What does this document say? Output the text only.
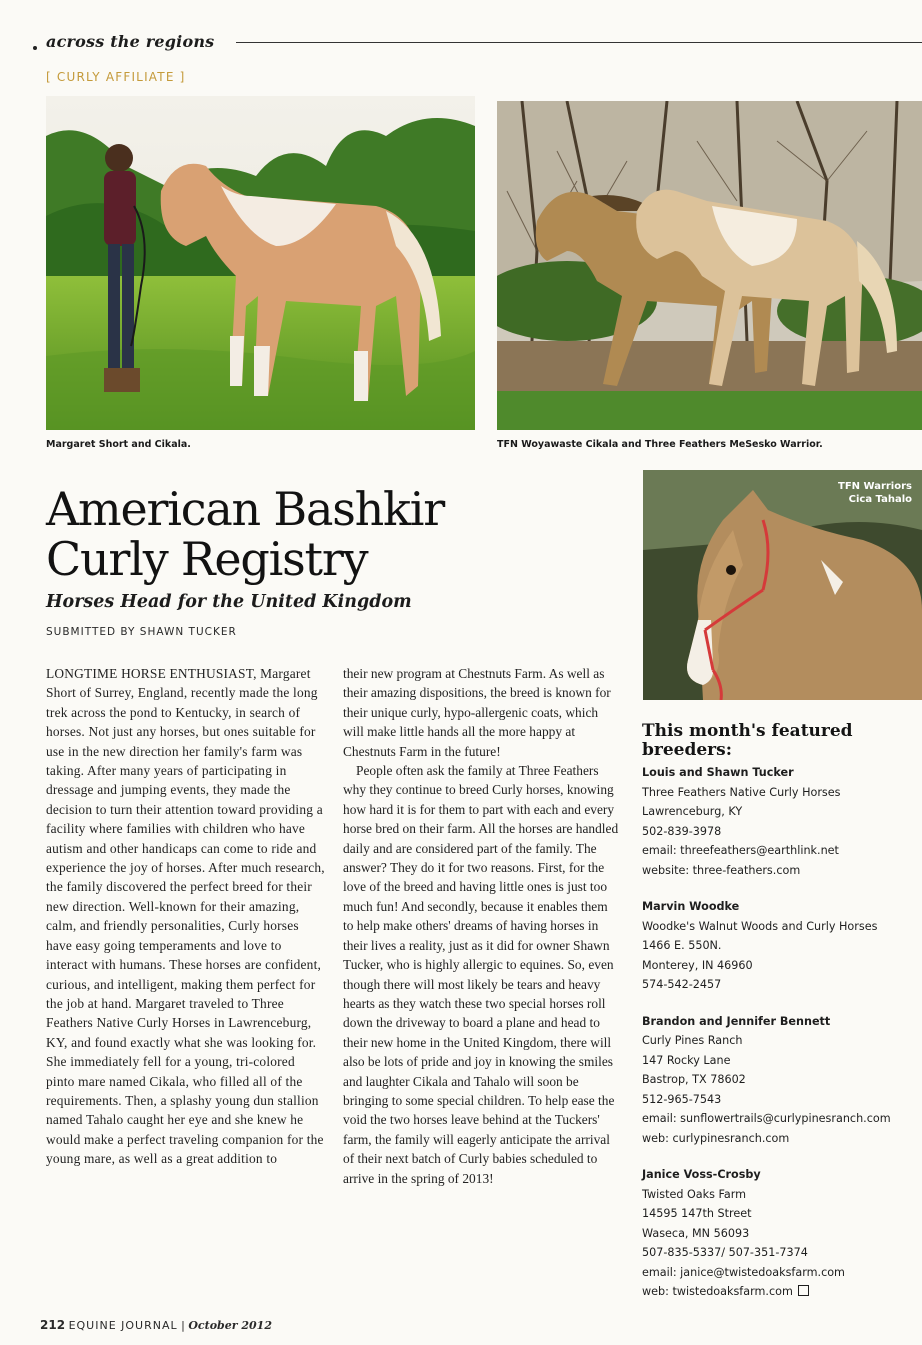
across the regions
[ CURLY AFFILIATE ]
Margaret Short and Cikala.	TFN Woyawaste Cikala and Three Feathers MeSesko Warrior.
American Bashkir
Curly Registry
Horses Head for the United Kingdom
SUBMITTED BY SHAWN TUCKER

LONGTIME HORSE ENTHUSIAST, Margaret Short of Surrey, England, recently made the long trek across the pond to Kentucky, in search of horses. Not just any horses, but ones suitable for use in the new direction her family's farm was taking. After many years of participating in dressage and jumping events, they made the decision to turn their attention toward providing a facility where families with children who have autism and other handicaps can come to ride and experience the joy of horses. After much research, the family discovered the perfect breed for their new direction. Well-known for their amazing, calm, and friendly personalities, Curly horses have easy going temperaments and love to interact with humans. These horses are confident, curious, and intelligent, making them perfect for the job at hand. Margaret traveled to Three Feathers Native Curly Horses in Lawrenceburg, KY, and found exactly what she was looking for. She immediately fell for a young, tri-colored pinto mare named Cikala, who filled all of the requirements. Then, a splashy young dun stallion named Tahalo caught her eye and she knew he would make a perfect traveling companion for the young mare, as well as a great addition to

their new program at Chestnuts Farm. As well as their amazing dispositions, the breed is known for their unique curly, hypo-allergenic coats, which will make little hands all the more happy at Chestnuts Farm in the future!

People often ask the family at Three Feathers why they continue to breed Curly horses, knowing how hard it is for them to part with each and every horse bred on their farm. All the horses are handled daily and are considered part of the family. The answer? They do it for two reasons. First, for the love of the breed and having little ones is just too much fun! And secondly, because it enables them to help make others' dreams of having horses in their lives a reality, just as it did for owner Shawn Tucker, who is highly allergic to equines. So, even though there will most likely be tears and heavy hearts as they watch these two special horses roll down the driveway to board a plane and head to their new home in the United Kingdom, there will also be lots of pride and joy in knowing the smiles and laughter Cikala and Tahalo will soon be bringing to some special children. To help ease the void the two horses leave behind at the Tuckers' farm, the family will eagerly anticipate the arrival of their next batch of Curly babies scheduled to arrive in the spring of 2013!

TFN Warriors
Cica Tahalo
This month's featured
breeders:
Louis and Shawn Tucker
Three Feathers Native Curly Horses
Lawrenceburg, KY
502-839-3978
email: threefeathers@earthlink.net
website: three-feathers.com
Marvin Woodke
Woodke's Walnut Woods and Curly Horses
1466 E. 550N.
Monterey, IN 46960
574-542-2457
Brandon and Jennifer Bennett
Curly Pines Ranch
147 Rocky Lane
Bastrop, TX 78602
512-965-7543
email: sunflowertrails@curlypinesranch.com
web: curlypinesranch.com
Janice Voss-Crosby
Twisted Oaks Farm
14595 147th Street
Waseca, MN 56093
507-835-5337/ 507-351-7374
email: janice@twistedoaksfarm.com
web: twistedoaksfarm.com
212 EQUINE JOURNAL | October 2012
